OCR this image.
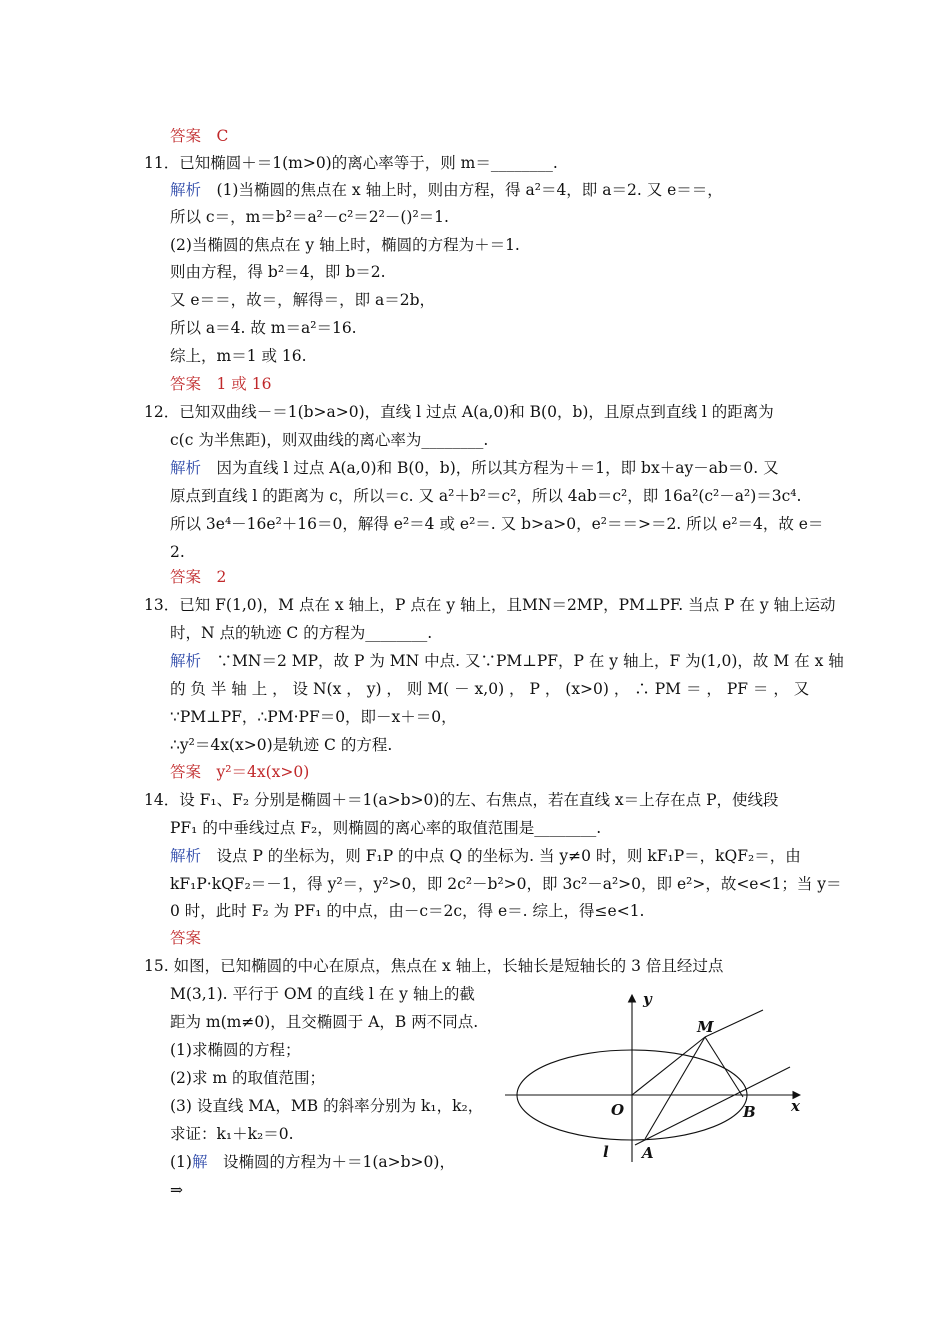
答案　C
11．已知椭圆＋＝1(m>0)的离心率等于，则 m＝________.
解析　(1)当椭圆的焦点在 x 轴上时，则由方程，得 a²＝4，即 a＝2. 又 e＝＝，
所以 c＝，m＝b²＝a²－c²＝2²－()²＝1.
(2)当椭圆的焦点在 y 轴上时，椭圆的方程为＋＝1.
则由方程，得 b²＝4，即 b＝2.
又 e＝＝，故＝，解得＝，即 a＝2b，
所以 a＝4. 故 m＝a²＝16.
综上，m＝1 或 16.
答案　1 或 16
12．已知双曲线－＝1(b>a>0)，直线 l 过点 A(a,0)和 B(0，b)，且原点到直线 l 的距离为
c(c 为半焦距)，则双曲线的离心率为________.
解析　因为直线 l 过点 A(a,0)和 B(0，b)，所以其方程为＋＝1，即 bx＋ay－ab＝0. 又
原点到直线 l 的距离为 c，所以＝c. 又 a²＋b²＝c²，所以 4ab＝c²，即 16a²(c²－a²)＝3c⁴.
所以 3e⁴－16e²＋16＝0，解得 e²＝4 或 e²＝. 又 b>a>0，e²＝＝>＝2. 所以 e²＝4，故 e＝
2.
答案　2
13．已知 F(1,0)，M 点在 x 轴上，P 点在 y 轴上，且MN＝2MP，PM⊥PF. 当点 P 在 y 轴上运动
时，N 点的轨迹 C 的方程为________.
解析　∵MN＝2 MP，故 P 为 MN 中点. 又∵PM⊥PF，P 在 y 轴上，F 为(1,0)，故 M 在 x 轴
的 负 半 轴 上 ， 设 N(x ， y) ， 则 M( － x,0) ， P ， (x>0) ， ∴ PM ＝ ， PF ＝ ， 又
∵PM⊥PF，∴PM·PF＝0，即－x＋＝0，
∴y²＝4x(x>0)是轨迹 C 的方程.
答案　y²＝4x(x>0)
14．设 F₁、F₂ 分别是椭圆＋＝1(a>b>0)的左、右焦点，若在直线 x＝上存在点 P，使线段
PF₁ 的中垂线过点 F₂，则椭圆的离心率的取值范围是________.
解析　设点 P 的坐标为，则 F₁P 的中点 Q 的坐标为. 当 y≠0 时，则 kF₁P＝，kQF₂＝，由
kF₁P·kQF₂＝－1，得 y²＝，y²>0，即 2c²－b²>0，即 3c²－a²>0，即 e²>，故<e<1；当 y＝
0 时，此时 F₂ 为 PF₁ 的中点，由－c＝2c，得 e＝. 综上，得≤e<1.
答案
15. 如图，已知椭圆的中心在原点，焦点在 x 轴上，长轴长是短轴长的 3 倍且经过点
M(3,1). 平行于 OM 的直线 l 在 y 轴上的截
距为 m(m≠0)，且交椭圆于 A，B 两不同点.
(1)求椭圆的方程；
(2)求 m 的取值范围；
(3) 设直线 MA，MB 的斜率分别为 k₁，k₂，
求证：k₁＋k₂＝0.
(1)解　设椭圆的方程为＋＝1(a>b>0)，
⇒
y
x
O
M
B
A
l
